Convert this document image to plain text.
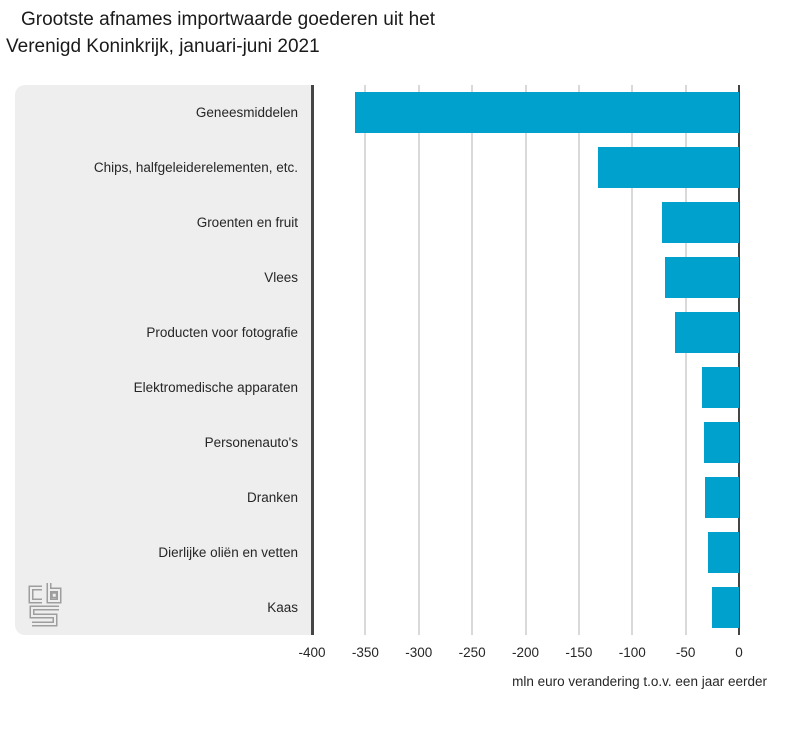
Grootste afnames importwaarde goederen uit het
Verenigd Koninkrijk, januari-juni 2021
-400	-350	-300	-250	-200	-150	-100	-50	0
Geneesmiddelen
Chips, halfgeleiderelementen, etc.
Groenten en fruit
Vlees
Producten voor fotografie
Elektromedische apparaten
Personenauto's
Dranken
Dierlijke oliën en vetten
Kaas
mln euro verandering t.o.v. een jaar eerder
